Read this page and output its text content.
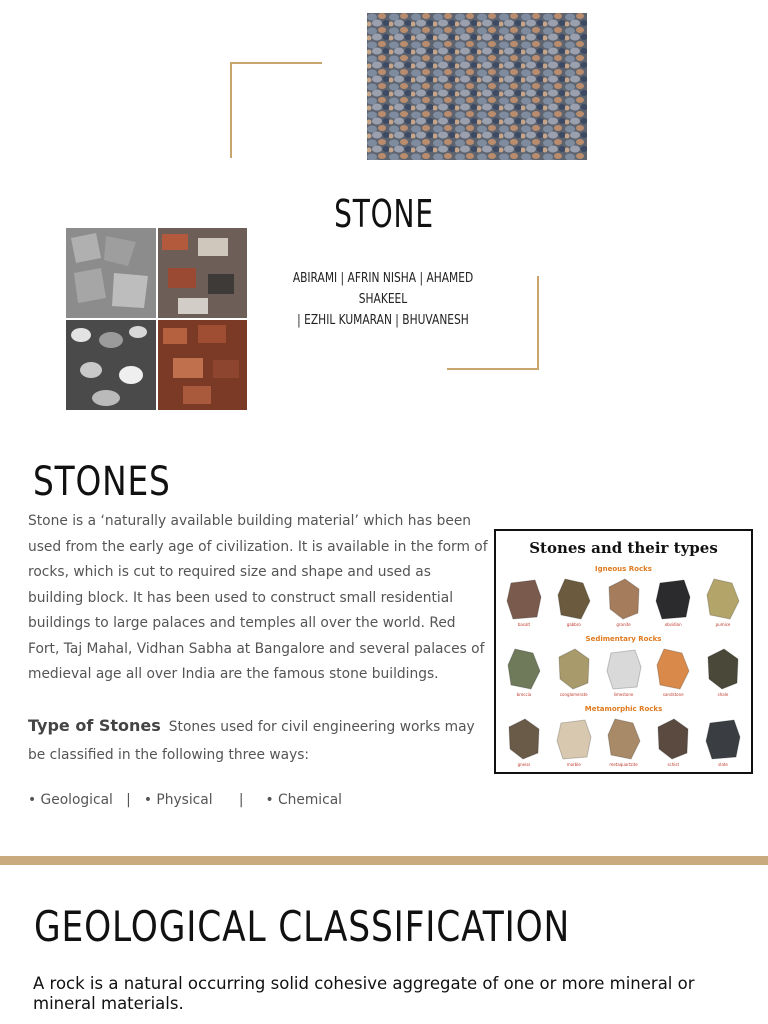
STONE
ABIRAMI | AFRIN NISHA | AHAMED SHAKEEL
| EZHIL KUMARAN | BHUVANESH
STONES
Stone is a ‘naturally available building material’ which has been used from the early age of civilization. It is available in the form of rocks, which is cut to required size and shape and used as building block. It has been used to construct small residential buildings to large palaces and temples all over the world. Red Fort, Taj Mahal, Vidhan Sabha at Bangalore and several palaces of medieval age all over India are the famous stone buildings.
Type of Stones Stones used for civil engineering works may be classified in the following three ways:
• Geological | • Physical | • Chemical
Stones and their types
Igneous Rocks
basalt	gabbro	granite	obsidian	pumice
Sedimentary Rocks
breccia	conglomerate	limestone	sandstone	shale
Metamorphic Rocks
gneiss	marble	metaquartzite	schist	slate
GEOLOGICAL CLASSIFICATION
A rock is a natural occurring solid cohesive aggregate of one or more mineral or mineral materials.
